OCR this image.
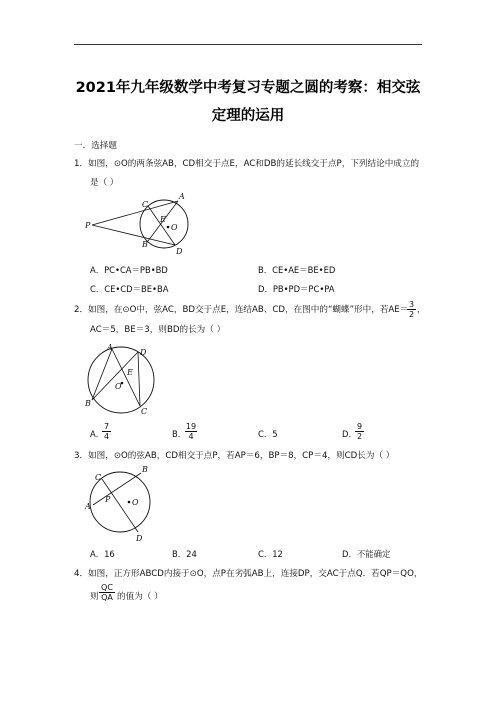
2021年九年级数学中考复习专题之圆的考察：相交弦
定理的运用
一．选择题
1．如图，⊙O的两条弦AB，CD相交于点E，AC和DB的延长线交于点P，下列结论中成立的
是（ ）
P
A
C
E
O
B
D
A．PC•CA＝PB•BD	B．CE•AE＝BE•ED
C．CE•CD＝BE•BA	D．PB•PD＝PC•PA
2．如图，在⊙O中，弦AC，BD交于点E，连结AB、CD，在图中的“蝴蝶”形中，若AE＝
3
2 ，
AC＝5，BE＝3，则BD的长为（ ）
A
D
E
O
B
C
A．
7
4	B．
19
4	C．5	D．
9
2
3．如图，⊙O的弦AB，CD相交于点P，若AP＝6，BP＝8，CP＝4，则CD长为（ ）
B
C
A
P	O
D
A．16	B．24	C．12	D．不能确定
4．如图，正方形ABCD内接于⊙O，点P在劣弧AB上，连接DP，交AC于点Q．若QP＝QO，
则
QC
QA 的值为（ ）
